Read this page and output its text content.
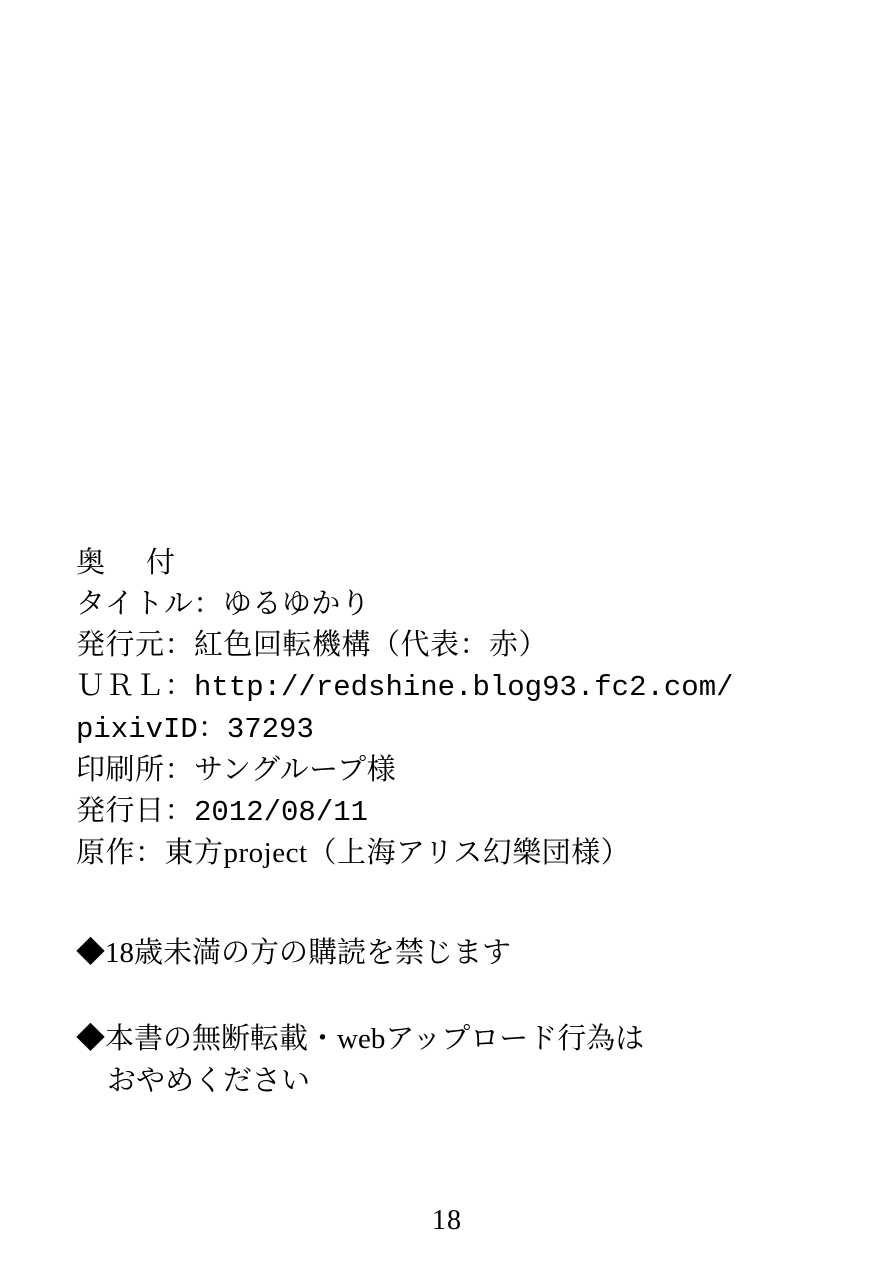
奥　付
タイトル：ゆるゆかり
発行元：紅色回転機構（代表：赤）
ＵＲＬ：http://redshine.blog93.fc2.com/
pixivID：37293
印刷所：サングループ様
発行日：2012/08/11
原作：東方project（上海アリス幻樂団様）
◆18歳未満の方の購読を禁じます
◆本書の無断転載・webアップロード行為は
おやめください
18
